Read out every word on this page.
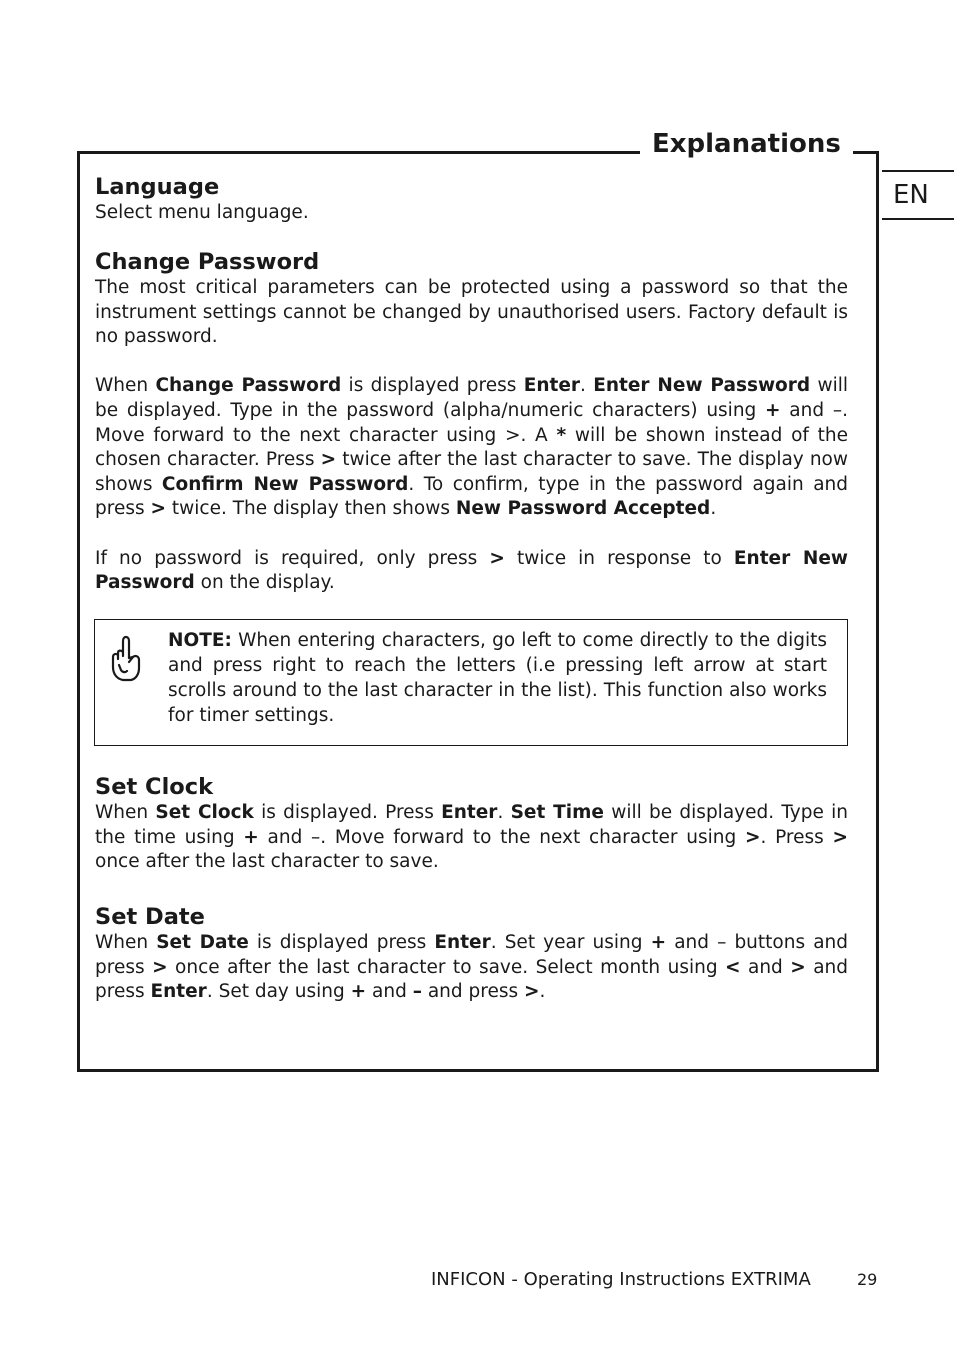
Explanations
EN
Language

Select menu language.

Change Password

The most critical parameters can be protected using a password so that the instrument settings cannot be changed by unauthorised users. Factory default is no password.

When Change Password is displayed press Enter. Enter New Password will be displayed. Type in the password (alpha/numeric characters) using + and –. Move forward to the next character using >. A * will be shown instead of the chosen character. Press > twice after the last character to save. The display now shows Confirm New Password. To confirm, type in the password again and press > twice. The display then shows New Password Accepted.

If no password is required, only press > twice in response to Enter New Password on the display.

NOTE: When entering characters, go left to come directly to the digits and press right to reach the letters (i.e pressing left arrow at start scrolls around to the last character in the list). This function also works for timer settings.

Set Clock

When Set Clock is displayed. Press Enter. Set Time will be displayed. Type in the time using + and –. Move forward to the next character using >. Press > once after the last character to save.

Set Date

When Set Date is displayed press Enter. Set year using + and – buttons and press > once after the last character to save. Select month using < and > and press Enter. Set day using + and – and press >.

INFICON - Operating Instructions EXTRIMA	29
